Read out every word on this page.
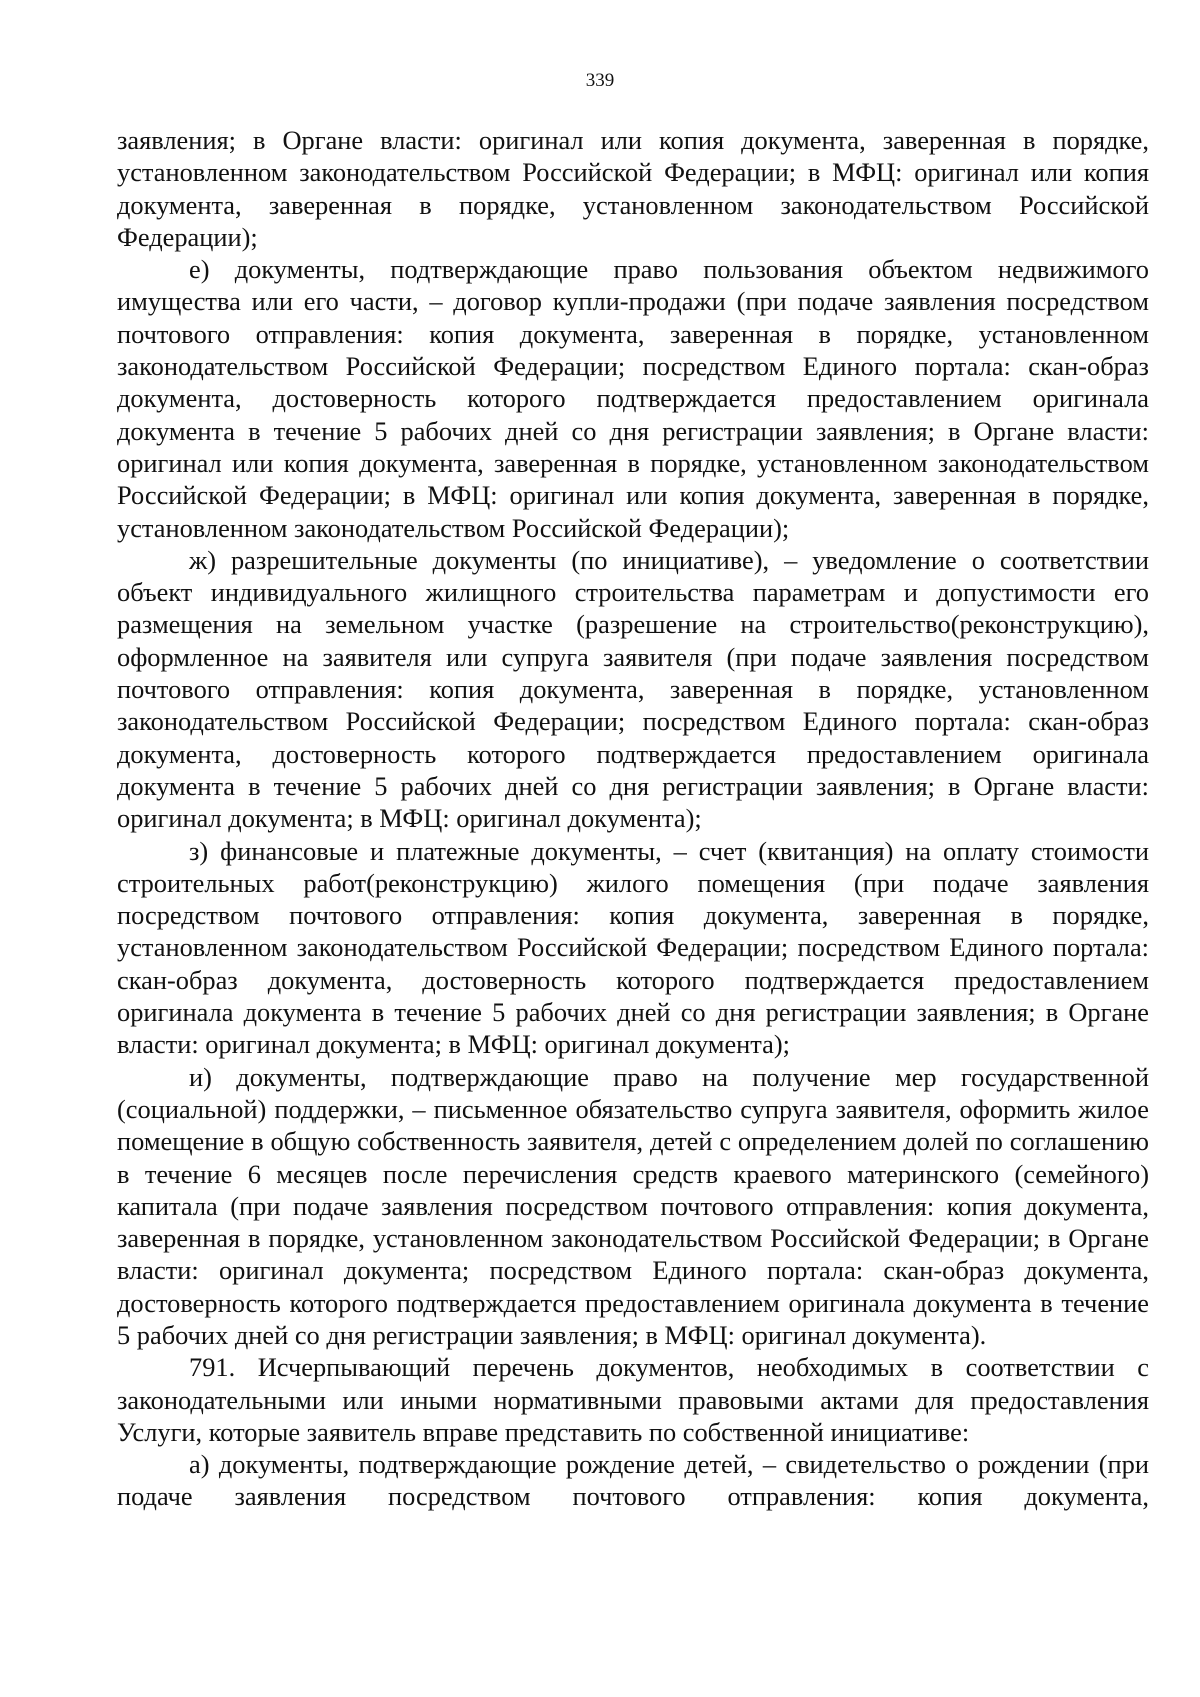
339

заявления; в Органе власти: оригинал или копия документа, заверенная в порядке, установленном законодательством Российской Федерации; в МФЦ: оригинал или копия документа, заверенная в порядке, установленном законодательством Российской Федерации);

е) документы, подтверждающие право пользования объектом недвижимого имущества или его части, – договор купли-продажи (при подаче заявления посредством почтового отправления: копия документа, заверенная в порядке, установленном законодательством Российской Федерации; посредством Единого портала: скан-образ документа, достоверность которого подтверждается предоставлением оригинала документа в течение 5 рабочих дней со дня регистрации заявления; в Органе власти: оригинал или копия документа, заверенная в порядке, установленном законодательством Российской Федерации; в МФЦ: оригинал или копия документа, заверенная в порядке, установленном законодательством Российской Федерации);

ж) разрешительные документы (по инициативе), – уведомление о соответствии объект индивидуального жилищного строительства параметрам и допустимости его размещения на земельном участке (разрешение на строительство(реконструкцию), оформленное на заявителя или супруга заявителя (при подаче заявления посредством почтового отправления: копия документа, заверенная в порядке, установленном законодательством Российской Федерации; посредством Единого портала: скан-образ документа, достоверность которого подтверждается предоставлением оригинала документа в течение 5 рабочих дней со дня регистрации заявления; в Органе власти: оригинал документа; в МФЦ: оригинал документа);

з) финансовые и платежные документы, – счет (квитанция) на оплату стоимости строительных работ(реконструкцию) жилого помещения (при подаче заявления посредством почтового отправления: копия документа, заверенная в порядке, установленном законодательством Российской Федерации; посредством Единого портала: скан-образ документа, достоверность которого подтверждается предоставлением оригинала документа в течение 5 рабочих дней со дня регистрации заявления; в Органе власти: оригинал документа; в МФЦ: оригинал документа);

и) документы, подтверждающие право на получение мер государственной (социальной) поддержки, – письменное обязательство супруга заявителя, оформить жилое помещение в общую собственность заявителя, детей с определением долей по соглашению в течение 6 месяцев после перечисления средств краевого материнского (семейного) капитала (при подаче заявления посредством почтового отправления: копия документа, заверенная в порядке, установленном законодательством Российской Федерации; в Органе власти: оригинал документа; посредством Единого портала: скан-образ документа, достоверность которого подтверждается предоставлением оригинала документа в течение 5 рабочих дней со дня регистрации заявления; в МФЦ: оригинал документа).

791. Исчерпывающий перечень документов, необходимых в соответствии с законодательными или иными нормативными правовыми актами для предоставления Услуги, которые заявитель вправе представить по собственной инициативе:

а) документы, подтверждающие рождение детей, – свидетельство о рождении (при подаче заявления посредством почтового отправления: копия документа,
